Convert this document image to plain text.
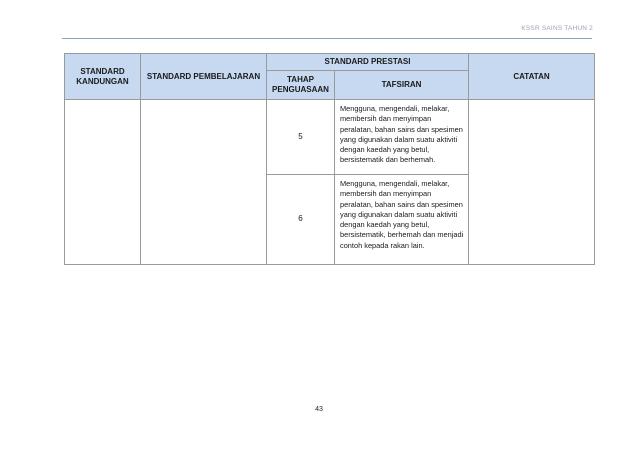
KSSR SAINS TAHUN 2
STANDARD KANDUNGAN	STANDARD PEMBELAJARAN	STANDARD PRESTASI		CATATAN
		TAHAP PENGUASAAN	TAFSIRAN	
		5	Mengguna, mengendali, melakar, membersih dan menyimpan peralatan, bahan sains dan spesimen yang digunakan dalam suatu aktiviti dengan kaedah yang betul, bersistematik dan berhemah.	
		6	Mengguna, mengendali, melakar, membersih dan menyimpan peralatan, bahan sains dan spesimen yang digunakan dalam suatu aktiviti dengan kaedah yang betul, bersistematik, berhemah dan menjadi contoh kepada rakan lain.	
43
